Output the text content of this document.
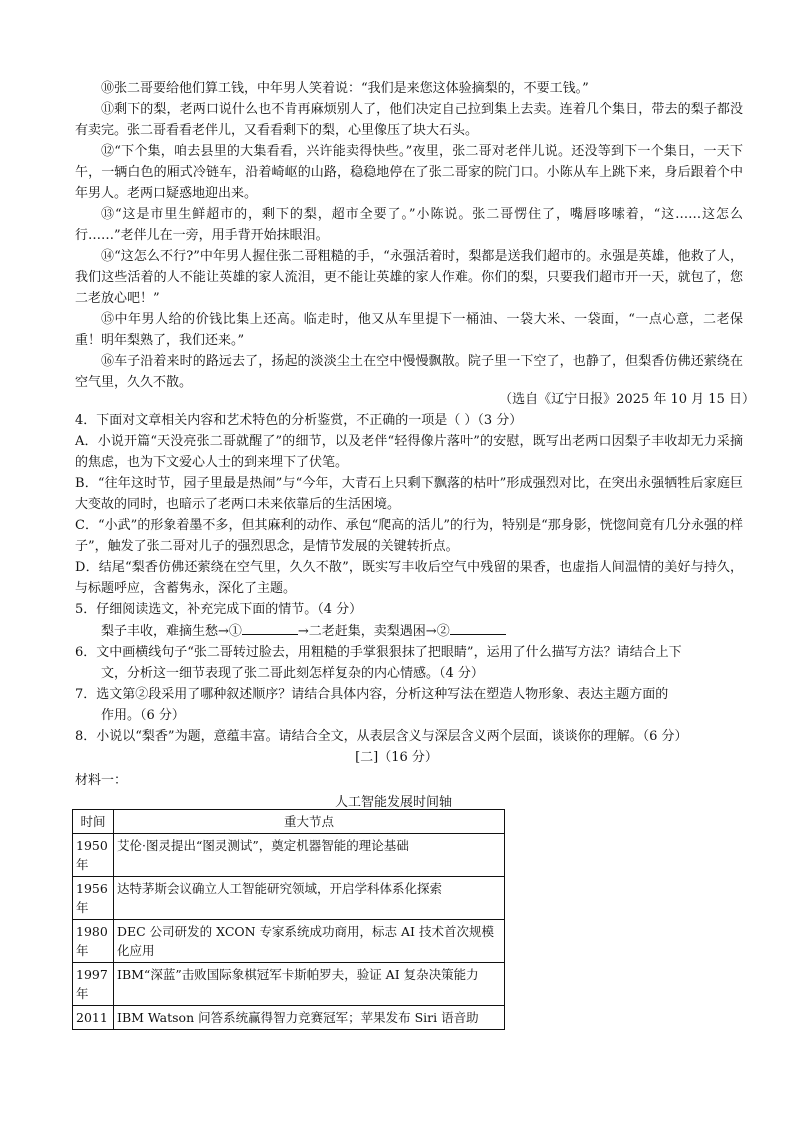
⑩张二哥要给他们算工钱，中年男人笑着说：“我们是来您这体验摘梨的，不要工钱。”

⑪剩下的梨，老两口说什么也不肯再麻烦别人了，他们决定自己拉到集上去卖。连着几个集日，带去的梨子都没有卖完。张二哥看看老伴儿，又看看剩下的梨，心里像压了块大石头。

⑫“下个集，咱去县里的大集看看，兴许能卖得快些。”夜里，张二哥对老伴儿说。还没等到下一个集日，一天下午，一辆白色的厢式冷链车，沿着崎岖的山路，稳稳地停在了张二哥家的院门口。小陈从车上跳下来，身后跟着个中年男人。老两口疑惑地迎出来。

⑬“这是市里生鲜超市的，剩下的梨，超市全要了。”小陈说。张二哥愣住了，嘴唇哆嗦着，“这……这怎么行……”老伴儿在一旁，用手背开始抹眼泪。

⑭“这怎么不行?”中年男人握住张二哥粗糙的手，“永强活着时，梨都是送我们超市的。永强是英雄，他救了人，我们这些活着的人不能让英雄的家人流泪，更不能让英雄的家人作难。你们的梨，只要我们超市开一天，就包了，您二老放心吧！”

⑮中年男人给的价钱比集上还高。临走时，他又从车里提下一桶油、一袋大米、一袋面，“一点心意，二老保重！明年梨熟了，我们还来。”

⑯车子沿着来时的路远去了，扬起的淡淡尘土在空中慢慢飘散。院子里一下空了，也静了，但梨香仿佛还萦绕在空气里，久久不散。

（选自《辽宁日报》2025 年 10 月 15 日）

4．下面对文章相关内容和艺术特色的分析鉴赏，不正确的一项是（ ）（3 分）

A．小说开篇“天没亮张二哥就醒了”的细节，以及老伴“轻得像片落叶”的安慰，既写出老两口因梨子丰收却无力采摘的焦虑，也为下文爱心人士的到来埋下了伏笔。

B．“往年这时节，园子里最是热闹”与“今年，大青石上只剩下飘落的枯叶”形成强烈对比，在突出永强牺牲后家庭巨大变故的同时，也暗示了老两口未来依靠后的生活困境。

C．“小武”的形象着墨不多，但其麻利的动作、承包“爬高的活儿”的行为，特别是“那身影，恍惚间竟有几分永强的样子”，触发了张二哥对儿子的强烈思念，是情节发展的关键转折点。

D．结尾“梨香仿佛还萦绕在空气里，久久不散”，既实写丰收后空气中残留的果香，也虚指人间温情的美好与持久，与标题呼应，含蓄隽永，深化了主题。

5．仔细阅读选文，补充完成下面的情节。（4 分）

梨子丰收，难摘生愁→①	→二老赶集，卖梨遇困→②

6．文中画横线句子“张二哥转过脸去，用粗糙的手掌狠狠抹了把眼睛”，运用了什么描写方法？请结合上下

文，分析这一细节表现了张二哥此刻怎样复杂的内心情感。（4 分）

7．选文第②段采用了哪种叙述顺序？请结合具体内容，分析这种写法在塑造人物形象、表达主题方面的

作用。（6 分）

8．小说以“梨香”为题，意蕴丰富。请结合全文，从表层含义与深层含义两个层面，谈谈你的理解。（6 分）

[二]（16 分）
材料一：
人工智能发展时间轴
时间	重大节点
1950年	艾伦·图灵提出“图灵测试”，奠定机器智能的理论基础
1956年	达特茅斯会议确立人工智能研究领域，开启学科体系化探索
1980年	DEC 公司研发的 XCON 专家系统成功商用，标志 AI 技术首次规模化应用
1997年	IBM“深蓝”击败国际象棋冠军卡斯帕罗夫，验证 AI 复杂决策能力
2011	IBM Watson 问答系统赢得智力竞赛冠军；苹果发布 Siri 语音助
